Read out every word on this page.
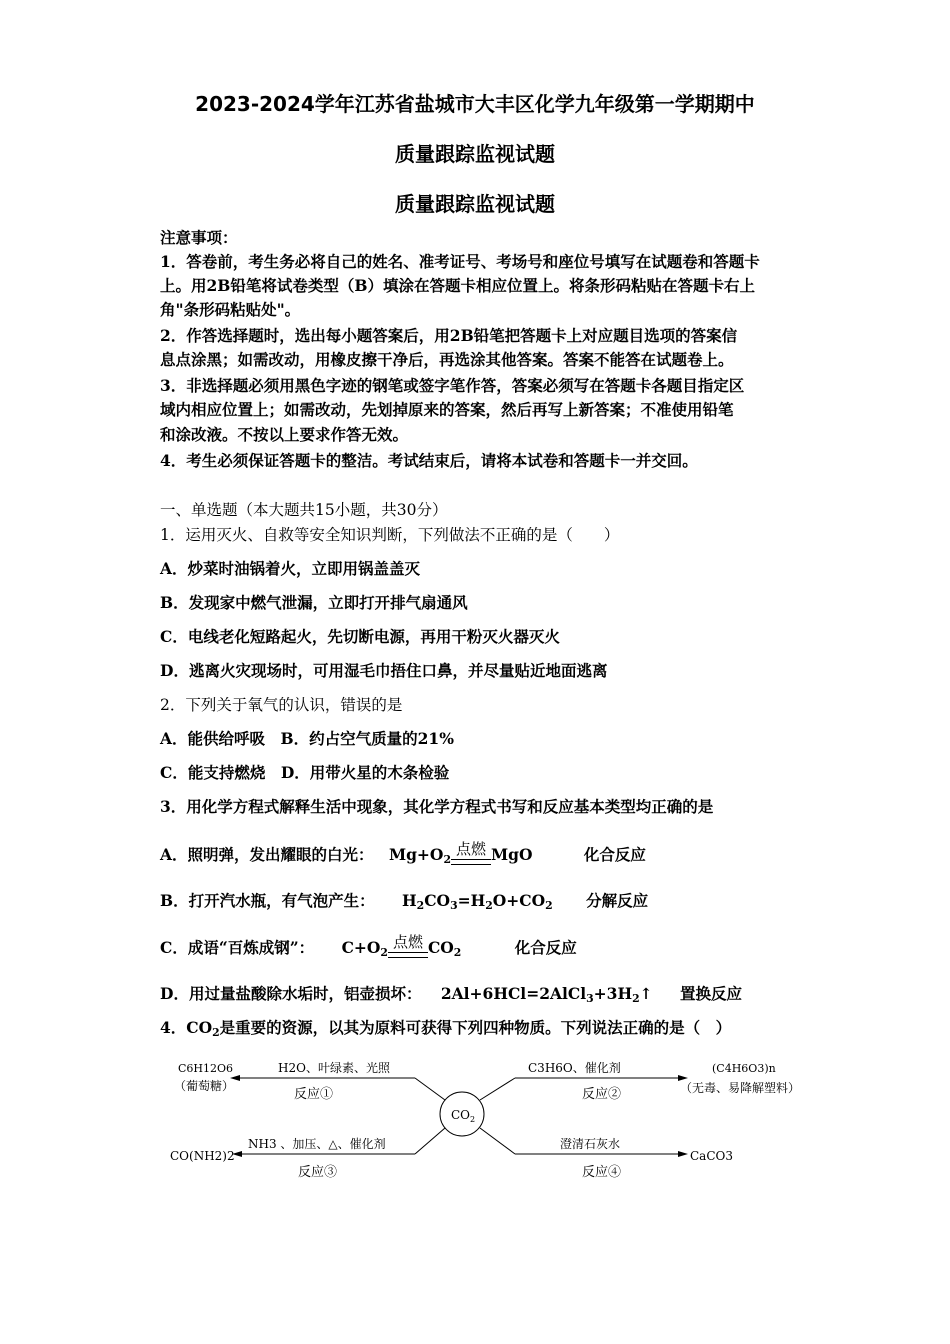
2023-2024学年江苏省盐城市大丰区化学九年级第一学期期中
质量跟踪监视试题
质量跟踪监视试题
注意事项：
1．答卷前，考生务必将自己的姓名、准考证号、考场号和座位号填写在试题卷和答题卡
上。用2B铅笔将试卷类型（B）填涂在答题卡相应位置上。将条形码粘贴在答题卡右上
角"条形码粘贴处"。
2．作答选择题时，选出每小题答案后，用2B铅笔把答题卡上对应题目选项的答案信
息点涂黑；如需改动，用橡皮擦干净后，再选涂其他答案。答案不能答在试题卷上。
3．非选择题必须用黑色字迹的钢笔或签字笔作答，答案必须写在答题卡各题目指定区
域内相应位置上；如需改动，先划掉原来的答案，然后再写上新答案；不准使用铅笔
和涂改液。不按以上要求作答无效。
4．考生必须保证答题卡的整洁。考试结束后，请将本试卷和答题卡一并交回。
一、单选题（本大题共15小题，共30分）
1．运用灭火、自救等安全知识判断，下列做法不正确的是（　　）
A．炒菜时油锅着火，立即用锅盖盖灭
B．发现家中燃气泄漏，立即打开排气扇通风
C．电线老化短路起火，先切断电源，再用干粉灭火器灭火
D．逃离火灾现场时，可用湿毛巾捂住口鼻，并尽量贴近地面逃离
2．下列关于氧气的认识，错误的是
A．能供给呼吸　B．约占空气质量的21%
C．能支持燃烧　D．用带火星的木条检验
3．用化学方程式解释生活中现象，其化学方程式书写和反应基本类型均正确的是
A．照明弹，发出耀眼的白光： $Mg+O_2$
点燃 MgO	化合反应
B．打开汽水瓶，有气泡产生： $H_2CO_3=H_2O+CO_2$ 分解反应
C．成语“百炼成钢”： $C+O_2$
点燃 $CO_2$	化合反应
D．用过量盐酸除水垢时，铝壶损坏： $2Al+6HCl=2AlCl_3+3H_2↑$ 置换反应
4．$CO_2$是重要的资源，以其为原料可获得下列四种物质。下列说法正确的是（　）
$CO_2$
H2O、叶绿素、光照
反应①
C6H12O6
（葡萄糖）
C3H6O、催化剂
反应②
(C4H6O3)n
（无毒、易降解塑料）
NH3 、加压、△、催化剂
反应③
CO(NH2)2
澄清石灰水
反应④
CaCO3
